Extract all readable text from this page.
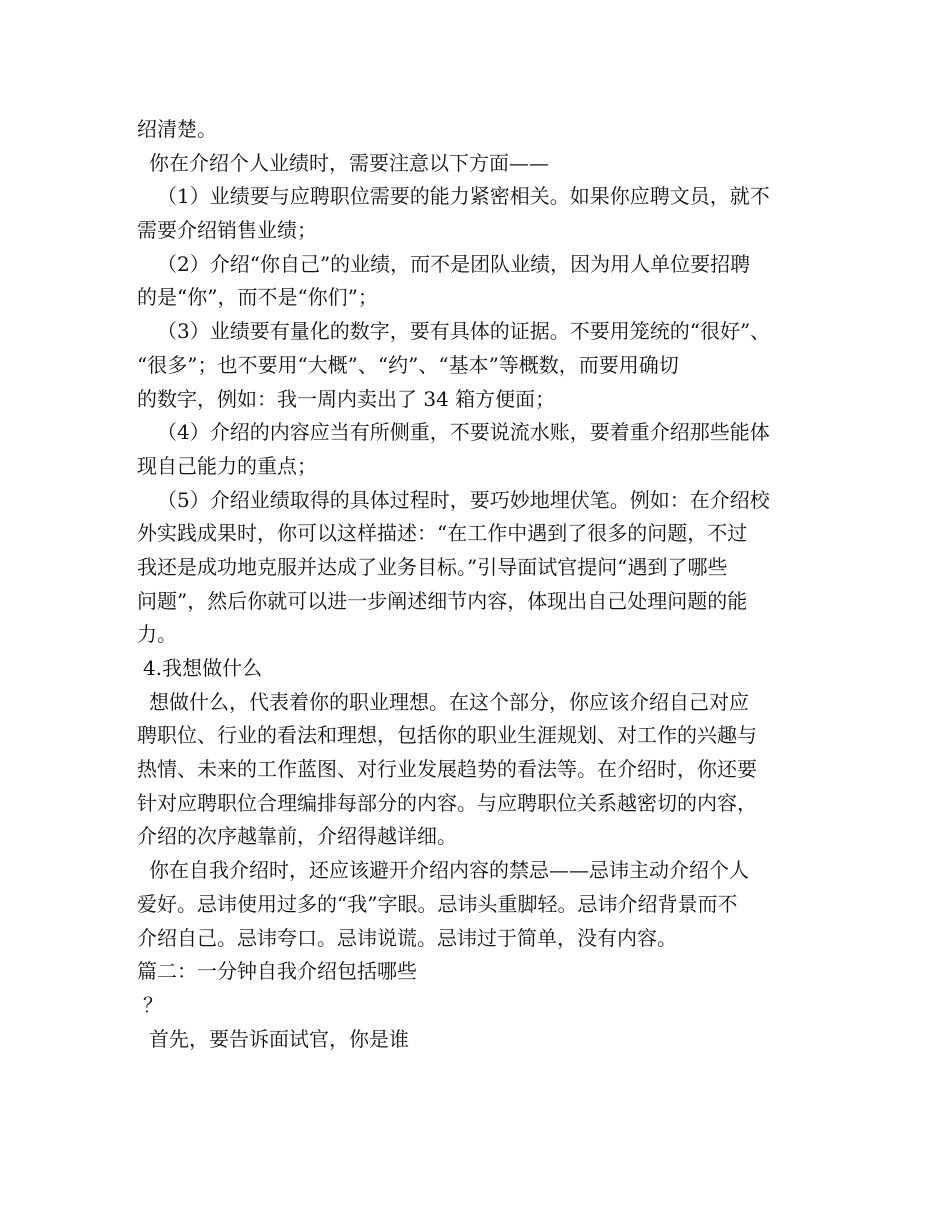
绍清楚。
你在介绍个人业绩时，需要注意以下方面——
（1）业绩要与应聘职位需要的能力紧密相关。如果你应聘文员，就不
需要介绍销售业绩；
（2）介绍“你自己”的业绩，而不是团队业绩，因为用人单位要招聘
的是“你”，而不是“你们”；
（3）业绩要有量化的数字，要有具体的证据。不要用笼统的“很好”、
“很多”；也不要用“大概”、“约”、“基本”等概数，而要用确切
的数字，例如：我一周内卖出了 34 箱方便面；
（4）介绍的内容应当有所侧重，不要说流水账，要着重介绍那些能体
现自己能力的重点；
（5）介绍业绩取得的具体过程时，要巧妙地埋伏笔。例如：在介绍校
外实践成果时，你可以这样描述：“在工作中遇到了很多的问题，不过
我还是成功地克服并达成了业务目标。”引导面试官提问“遇到了哪些
问题”，然后你就可以进一步阐述细节内容，体现出自己处理问题的能
力。
4.我想做什么
想做什么，代表着你的职业理想。在这个部分，你应该介绍自己对应
聘职位、行业的看法和理想，包括你的职业生涯规划、对工作的兴趣与
热情、未来的工作蓝图、对行业发展趋势的看法等。在介绍时，你还要
针对应聘职位合理编排每部分的内容。与应聘职位关系越密切的内容，
介绍的次序越靠前，介绍得越详细。
你在自我介绍时，还应该避开介绍内容的禁忌——忌讳主动介绍个人
爱好。忌讳使用过多的“我”字眼。忌讳头重脚轻。忌讳介绍背景而不
介绍自己。忌讳夸口。忌讳说谎。忌讳过于简单，没有内容。
篇二：一分钟自我介绍包括哪些
？
首先，要告诉面试官，你是谁
